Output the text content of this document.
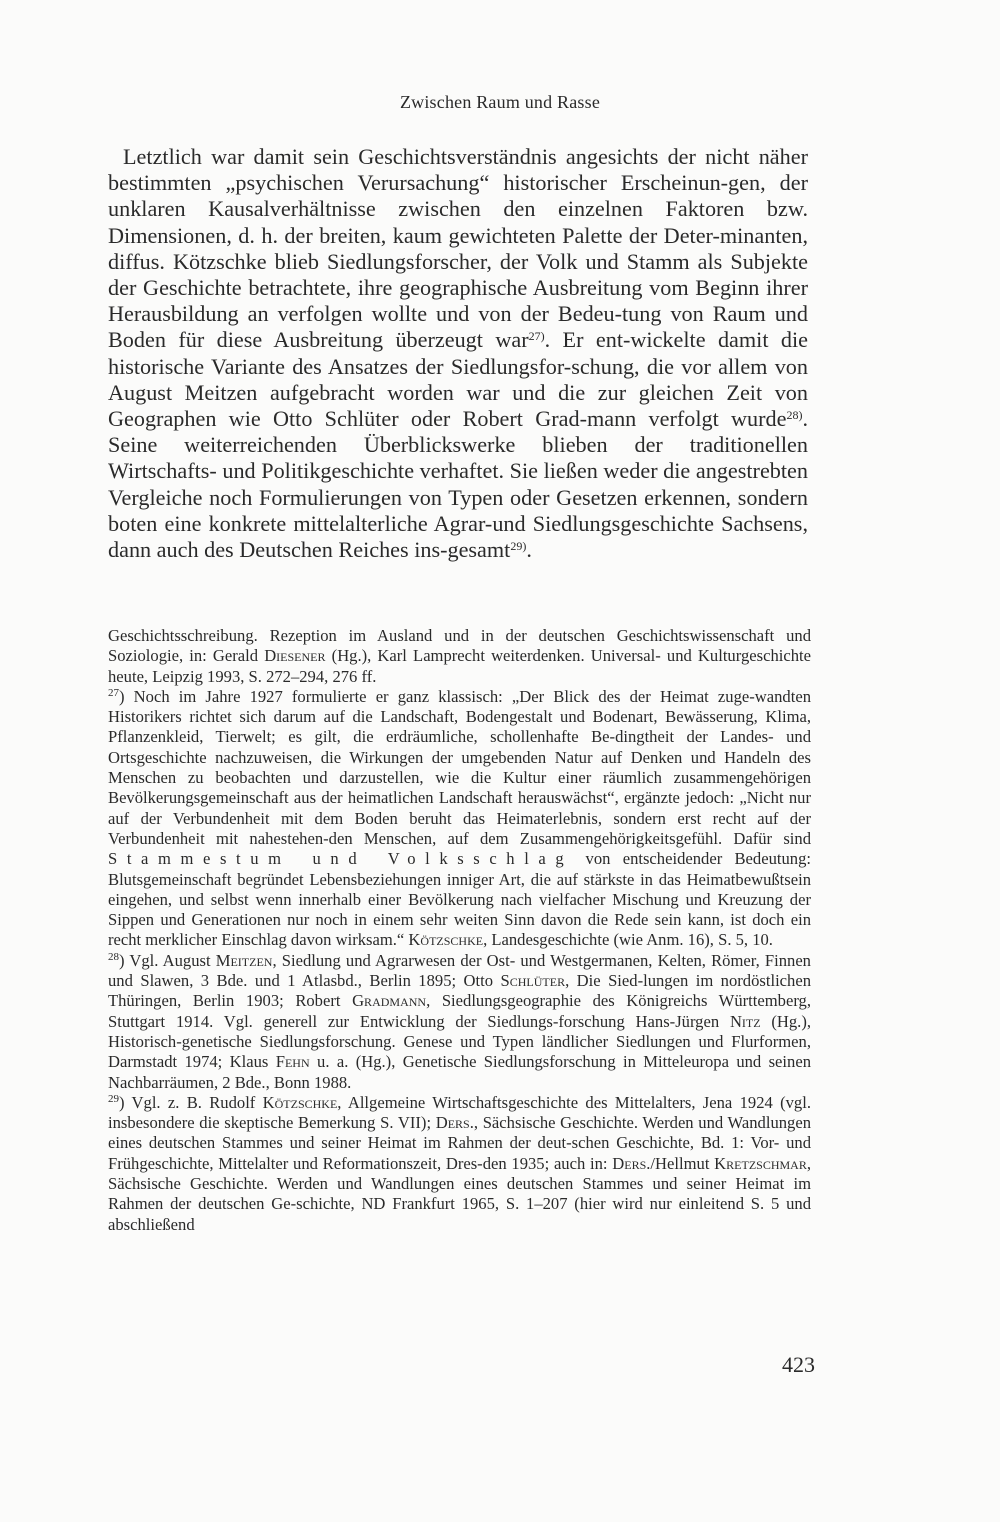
Zwischen Raum und Rasse

Letztlich war damit sein Geschichtsverständnis angesichts der nicht näher bestimmten „psychischen Verursachung“ historischer Erscheinun-gen, der unklaren Kausalverhältnisse zwischen den einzelnen Faktoren bzw. Dimensionen, d. h. der breiten, kaum gewichteten Palette der Deter-minanten, diffus. Kötzschke blieb Siedlungsforscher, der Volk und Stamm als Subjekte der Geschichte betrachtete, ihre geographische Ausbreitung vom Beginn ihrer Herausbildung an verfolgen wollte und von der Bedeu-tung von Raum und Boden für diese Ausbreitung überzeugt war$^{27)}$. Er ent-wickelte damit die historische Variante des Ansatzes der Siedlungsfor-schung, die vor allem von August Meitzen aufgebracht worden war und die zur gleichen Zeit von Geographen wie Otto Schlüter oder Robert Grad-mann verfolgt wurde$^{28)}$. Seine weiterreichenden Überblickswerke blieben der traditionellen Wirtschafts- und Politikgeschichte verhaftet. Sie ließen weder die angestrebten Vergleiche noch Formulierungen von Typen oder Gesetzen erkennen, sondern boten eine konkrete mittelalterliche Agrar-und Siedlungsgeschichte Sachsens, dann auch des Deutschen Reiches ins-gesamt$^{29)}$.

Geschichtsschreibung. Rezeption im Ausland und in der deutschen Geschichtswissenschaft und Soziologie, in: Gerald Diesener (Hg.), Karl Lamprecht weiterdenken. Universal- und Kulturgeschichte heute, Leipzig 1993, S. 272–294, 276 ff.

$^{27}$) Noch im Jahre 1927 formulierte er ganz klassisch: „Der Blick des der Heimat zuge-wandten Historikers richtet sich darum auf die Landschaft, Bodengestalt und Bodenart, Bewässerung, Klima, Pflanzenkleid, Tierwelt; es gilt, die erdräumliche, schollenhafte Be-dingtheit der Landes- und Ortsgeschichte nachzuweisen, die Wirkungen der umgebenden Natur auf Denken und Handeln des Menschen zu beobachten und darzustellen, wie die Kultur einer räumlich zusammengehörigen Bevölkerungsgemeinschaft aus der heimatlichen Landschaft herauswächst“, ergänzte jedoch: „Nicht nur auf der Verbundenheit mit dem Boden beruht das Heimaterlebnis, sondern erst recht auf der Verbundenheit mit nahestehen-den Menschen, auf dem Zusammengehörigkeitsgefühl. Dafür sind Stammestum und Volksschlag von entscheidender Bedeutung: Blutsgemeinschaft begründet Lebensbeziehungen inniger Art, die auf stärkste in das Heimatbewußtsein eingehen, und selbst wenn innerhalb einer Bevölkerung nach vielfacher Mischung und Kreuzung der Sippen und Generationen nur noch in einem sehr weiten Sinn davon die Rede sein kann, ist doch ein recht merklicher Einschlag davon wirksam.“ Kötzschke, Landesgeschichte (wie Anm. 16), S. 5, 10.

$^{28}$) Vgl. August Meitzen, Siedlung und Agrarwesen der Ost- und Westgermanen, Kelten, Römer, Finnen und Slawen, 3 Bde. und 1 Atlasbd., Berlin 1895; Otto Schlüter, Die Sied-lungen im nordöstlichen Thüringen, Berlin 1903; Robert Gradmann, Siedlungsgeographie des Königreichs Württemberg, Stuttgart 1914. Vgl. generell zur Entwicklung der Siedlungs-forschung Hans-Jürgen Nitz (Hg.), Historisch-genetische Siedlungsforschung. Genese und Typen ländlicher Siedlungen und Flurformen, Darmstadt 1974; Klaus Fehn u. a. (Hg.), Genetische Siedlungsforschung in Mitteleuropa und seinen Nachbarräumen, 2 Bde., Bonn 1988.

$^{29}$) Vgl. z. B. Rudolf Kötzschke, Allgemeine Wirtschaftsgeschichte des Mittelalters, Jena 1924 (vgl. insbesondere die skeptische Bemerkung S. VII); Ders., Sächsische Geschichte. Werden und Wandlungen eines deutschen Stammes und seiner Heimat im Rahmen der deut-schen Geschichte, Bd. 1: Vor- und Frühgeschichte, Mittelalter und Reformationszeit, Dres-den 1935; auch in: Ders./Hellmut Kretzschmar, Sächsische Geschichte. Werden und Wandlungen eines deutschen Stammes und seiner Heimat im Rahmen der deutschen Ge-schichte, ND Frankfurt 1965, S. 1–207 (hier wird nur einleitend S. 5 und abschließend

423
